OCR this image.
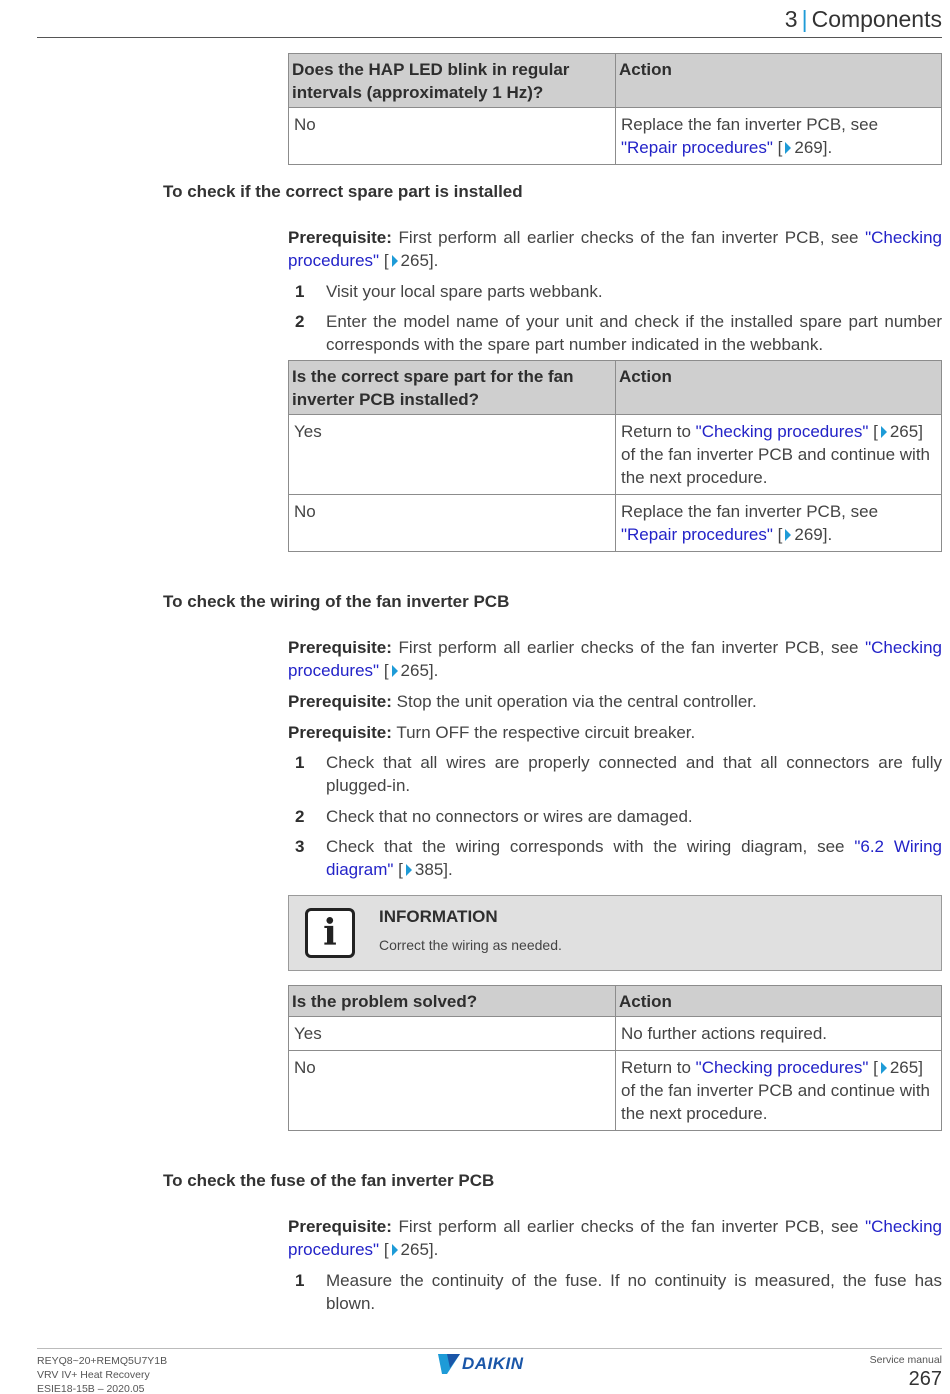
3 | Components
Does the HAP LED blink in regular intervals (approximately 1 Hz)?	Action
No	Replace the fan inverter PCB, see "Repair procedures" [ 269].
To check if the correct spare part is installed
Prerequisite: First perform all earlier checks of the fan inverter PCB, see "Checking procedures" [ 265].
1 Visit your local spare parts webbank.
2 Enter the model name of your unit and check if the installed spare part number corresponds with the spare part number indicated in the webbank.
Is the correct spare part for the fan inverter PCB installed?	Action
Yes	Return to "Checking procedures" [ 265] of the fan inverter PCB and continue with the next procedure.
No	Replace the fan inverter PCB, see "Repair procedures" [ 269].
To check the wiring of the fan inverter PCB
Prerequisite: First perform all earlier checks of the fan inverter PCB, see "Checking procedures" [ 265].
Prerequisite: Stop the unit operation via the central controller.
Prerequisite: Turn OFF the respective circuit breaker.
1 Check that all wires are properly connected and that all connectors are fully plugged-in.
2 Check that no connectors or wires are damaged.
3 Check that the wiring corresponds with the wiring diagram, see "6.2 Wiring diagram" [ 385].
i	INFORMATION
Correct the wiring as needed.
Is the problem solved?	Action
Yes	No further actions required.
No	Return to "Checking procedures" [ 265] of the fan inverter PCB and continue with the next procedure.
To check the fuse of the fan inverter PCB
Prerequisite: First perform all earlier checks of the fan inverter PCB, see "Checking procedures" [ 265].
1 Measure the continuity of the fuse. If no continuity is measured, the fuse has blown.
REYQ8~20+REMQ5U7Y1B
VRV IV+ Heat Recovery
ESIE18-15B – 2020.05
DAIKIN	Service manual
267
